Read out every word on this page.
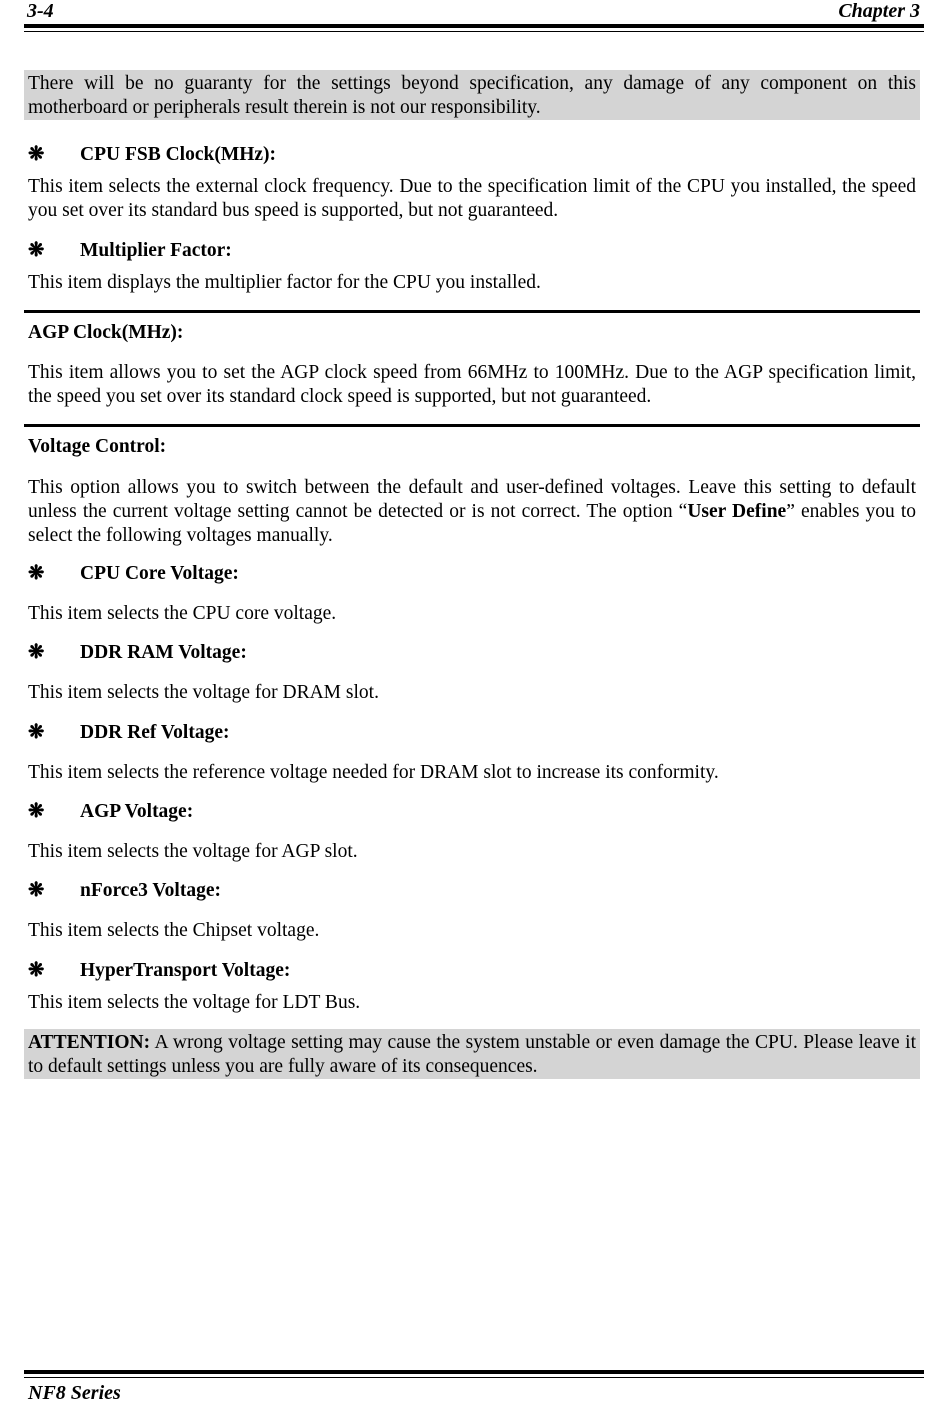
3-4	Chapter 3
There will be no guaranty for the settings beyond specification, any damage of any component on this motherboard or peripherals result therein is not our responsibility.
❋ CPU FSB Clock(MHz):
This item selects the external clock frequency. Due to the specification limit of the CPU you installed, the speed you set over its standard bus speed is supported, but not guaranteed.
❋ Multiplier Factor:
This item displays the multiplier factor for the CPU you installed.
AGP Clock(MHz):
This item allows you to set the AGP clock speed from 66MHz to 100MHz. Due to the AGP specification limit, the speed you set over its standard clock speed is supported, but not guaranteed.
Voltage Control:
This option allows you to switch between the default and user-defined voltages. Leave this setting to default unless the current voltage setting cannot be detected or is not correct. The option “User Define” enables you to select the following voltages manually.
❋ CPU Core Voltage:
This item selects the CPU core voltage.
❋ DDR RAM Voltage:
This item selects the voltage for DRAM slot.
❋ DDR Ref Voltage:
This item selects the reference voltage needed for DRAM slot to increase its conformity.
❋ AGP Voltage:
This item selects the voltage for AGP slot.
❋ nForce3 Voltage:
This item selects the Chipset voltage.
❋ HyperTransport Voltage:
This item selects the voltage for LDT Bus.
ATTENTION: A wrong voltage setting may cause the system unstable or even damage the CPU. Please leave it to default settings unless you are fully aware of its consequences.
NF8 Series
